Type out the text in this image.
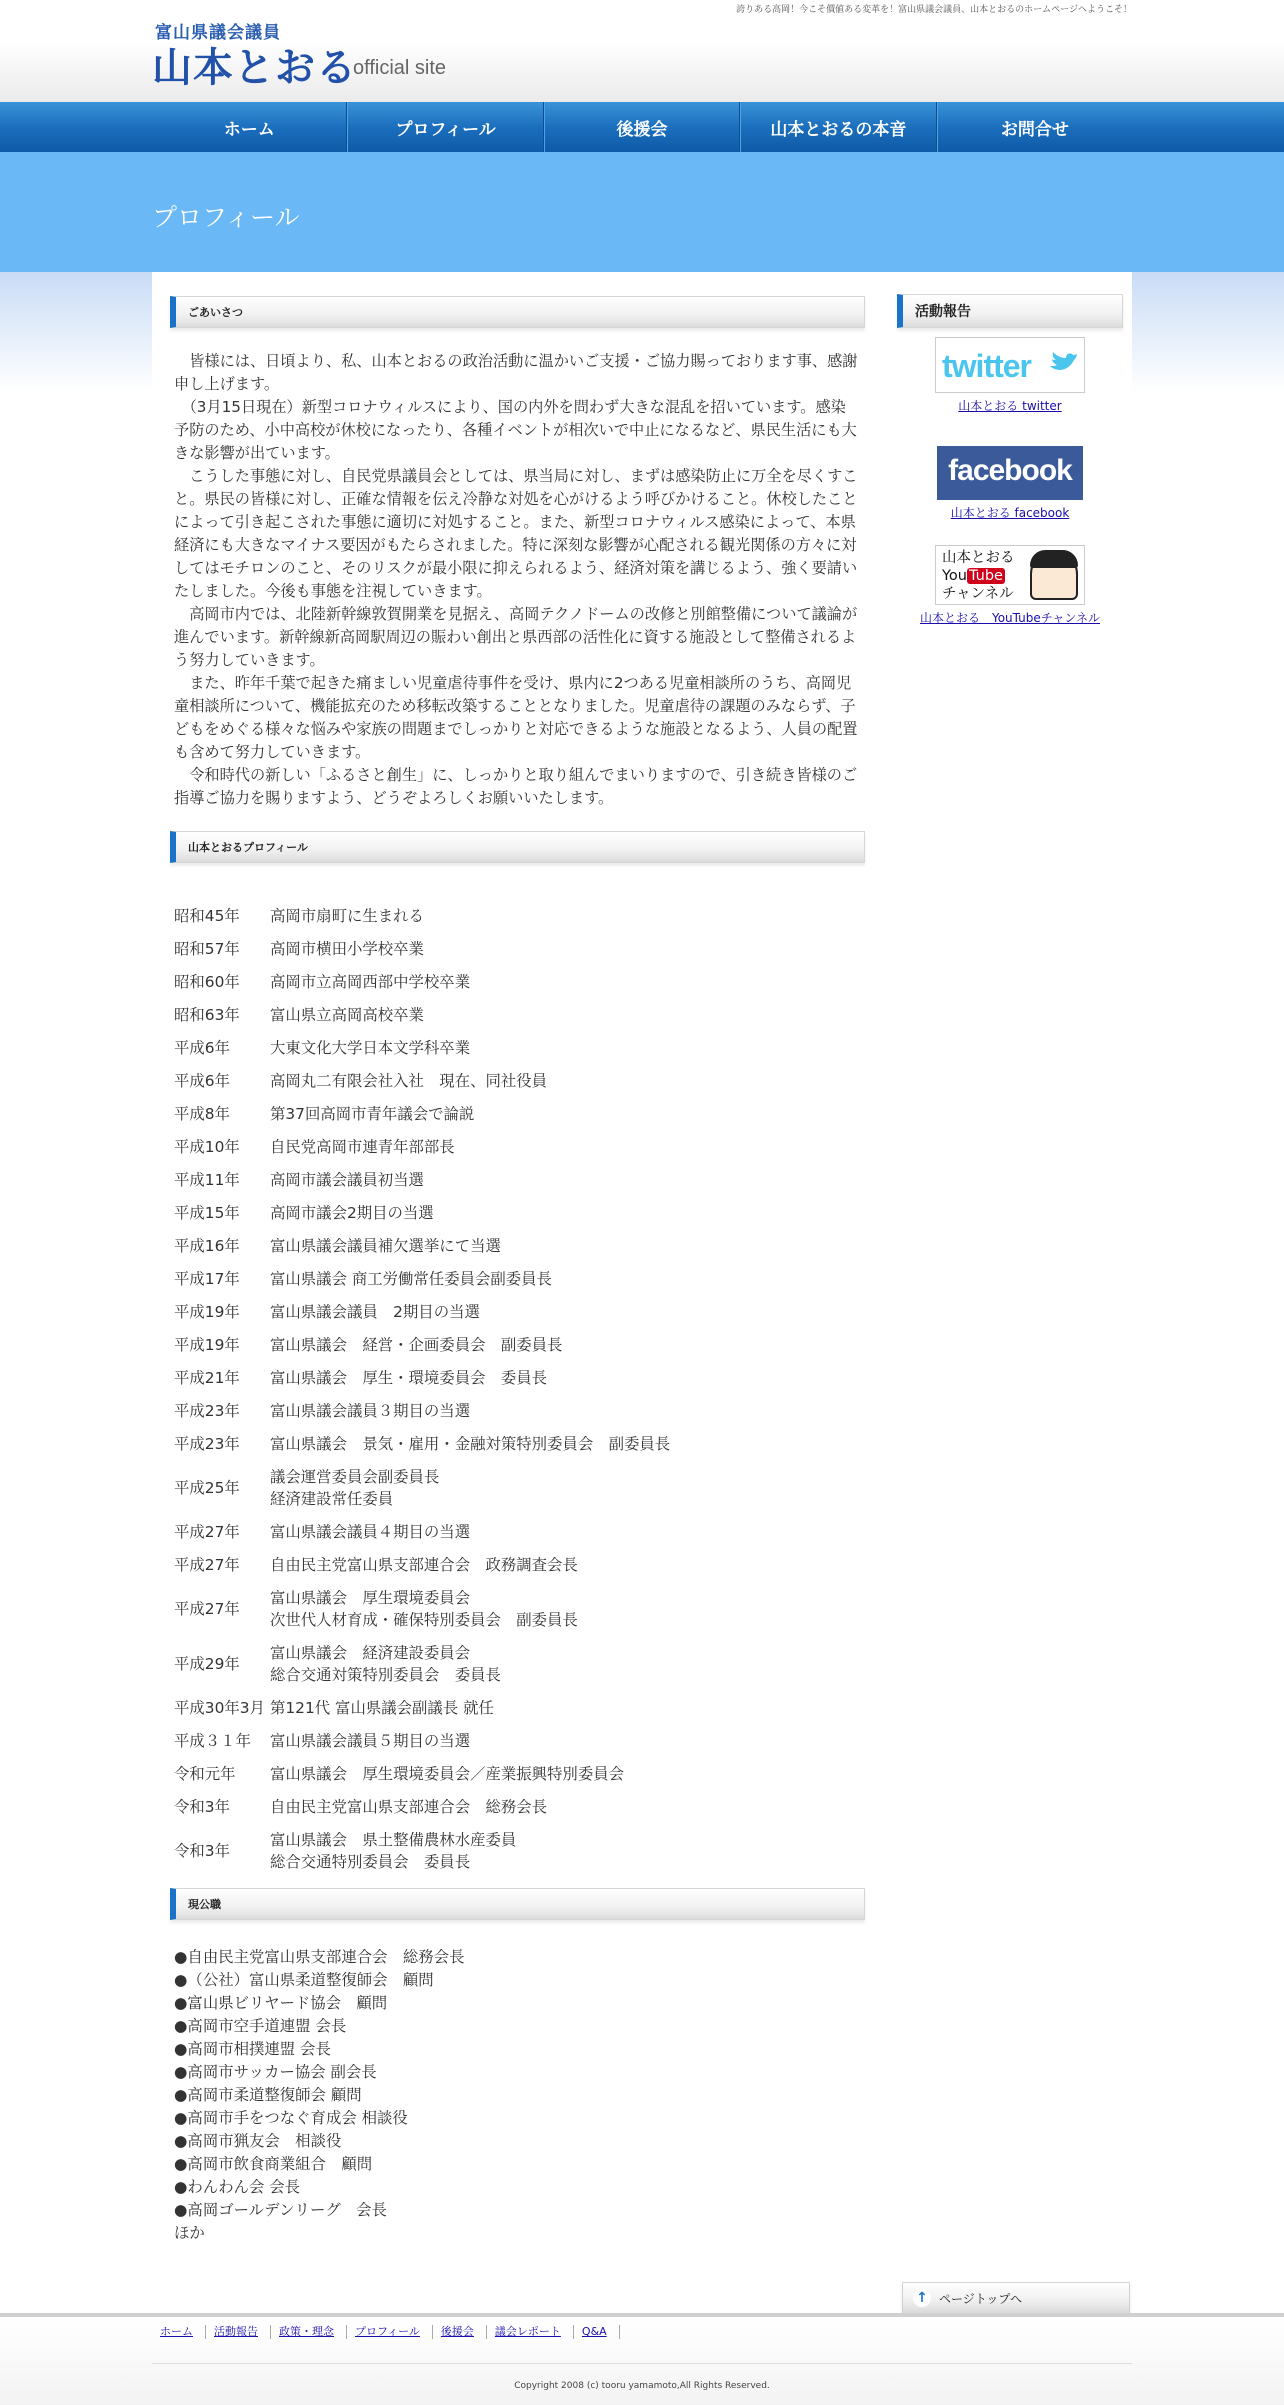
誇りある高岡！今こそ價値ある変革を！富山県議会議員、山本とおるのホームページへようこそ！
富山県議会議員
山本とおる
official site
ホーム	プロフィール	後援会	山本とおるの本音	お問合せ
プロフィール
ごあいさつ

　皆様には、日頃より、私、山本とおるの政治活動に温かいご支援・ご協力賜っております事、感謝申し上げます。

　（3月15日現在）新型コロナウィルスにより、国の内外を問わず大きな混乱を招いています。感染予防のため、小中高校が休校になったり、各種イベントが相次いで中止になるなど、県民生活にも大きな影響が出ています。

　こうした事態に対し、自民党県議員会としては、県当局に対し、まずは感染防止に万全を尽くすこと。県民の皆様に対し、正確な情報を伝え冷静な対処を心がけるよう呼びかけること。休校したことによって引き起こされた事態に適切に対処すること。また、新型コロナウィルス感染によって、本県経済にも大きなマイナス要因がもたらされました。特に深刻な影響が心配される観光関係の方々に対してはモチロンのこと、そのリスクが最小限に抑えられるよう、経済対策を講じるよう、強く要請いたしました。今後も事態を注視していきます。

　高岡市内では、北陸新幹線敦賀開業を見据え、高岡テクノドームの改修と別館整備について議論が進んでいます。新幹線新高岡駅周辺の賑わい創出と県西部の活性化に資する施設として整備されるよう努力していきます。

　また、昨年千葉で起きた痛ましい児童虐待事件を受け、県内に2つある児童相談所のうち、高岡児童相談所について、機能拡充のため移転改築することとなりました。児童虐待の課題のみならず、子どもをめぐる様々な悩みや家族の問題までしっかりと対応できるような施設となるよう、人員の配置も含めて努力していきます。

　令和時代の新しい「ふるさと創生」に、しっかりと取り組んでまいりますので、引き続き皆様のご指導ご協力を賜りますよう、どうぞよろしくお願いいたします。

山本とおるプロフィール
昭和45年	高岡市扇町に生まれる

昭和57年	高岡市横田小学校卒業

昭和60年	高岡市立高岡西部中学校卒業

昭和63年	富山県立高岡高校卒業

平成6年	大東文化大学日本文学科卒業

平成6年	高岡丸二有限会社入社　現在、同社役員

平成8年	第37回高岡市青年議会で論説

平成10年	自民党高岡市連青年部部長

平成11年	高岡市議会議員初当選

平成15年	高岡市議会2期目の当選

平成16年	富山県議会議員補欠選挙にて当選

平成17年	富山県議会 商工労働常任委員会副委員長

平成19年	富山県議会議員　2期目の当選

平成19年	富山県議会　経営・企画委員会　副委員長

平成21年	富山県議会　厚生・環境委員会　委員長

平成23年	富山県議会議員３期目の当選

平成23年	富山県議会　景気・雇用・金融対策特別委員会　副委員長

平成25年	議会運営委員会副委員長
経済建設常任委員

平成27年	富山県議会議員４期目の当選

平成27年	自由民主党富山県支部連合会　政務調査会長

平成27年	富山県議会　厚生環境委員会
次世代人材育成・確保特別委員会　副委員長

平成29年	富山県議会　経済建設委員会
総合交通対策特別委員会　委員長

平成30年3月	第121代 富山県議会副議長 就任

平成３１年	富山県議会議員５期目の当選

令和元年	富山県議会　厚生環境委員会／産業振興特別委員会

令和3年	自由民主党富山県支部連合会　総務会長

令和3年	富山県議会　県土整備農林水産委員
総合交通特別委員会　委員長
現公職
●自由民主党富山県支部連合会　総務会長
●（公社）富山県柔道整復師会　顧問
●富山県ビリヤード協会　顧問
●高岡市空手道連盟 会長
●高岡市相撲連盟 会長
●高岡市サッカー協会 副会長
●高岡市柔道整復師会 顧問
●高岡市手をつなぐ育成会 相談役
●高岡市猟友会　相談役
●高岡市飲食商業組合　顧問
●わんわん会 会長
●高岡ゴールデンリーグ　会長
ほか
活動報告
twitter
山本とおる twitter
facebook
山本とおる facebook
山本とおる
You Tube
チャンネル
山本とおる　YouTubeチャンネル
↑ ページトップへ
ホーム	活動報告	政策・理念	プロフィール	後援会	議会レポート	Q&A
Copyright 2008 (c) tooru yamamoto,All Rights Reserved.
